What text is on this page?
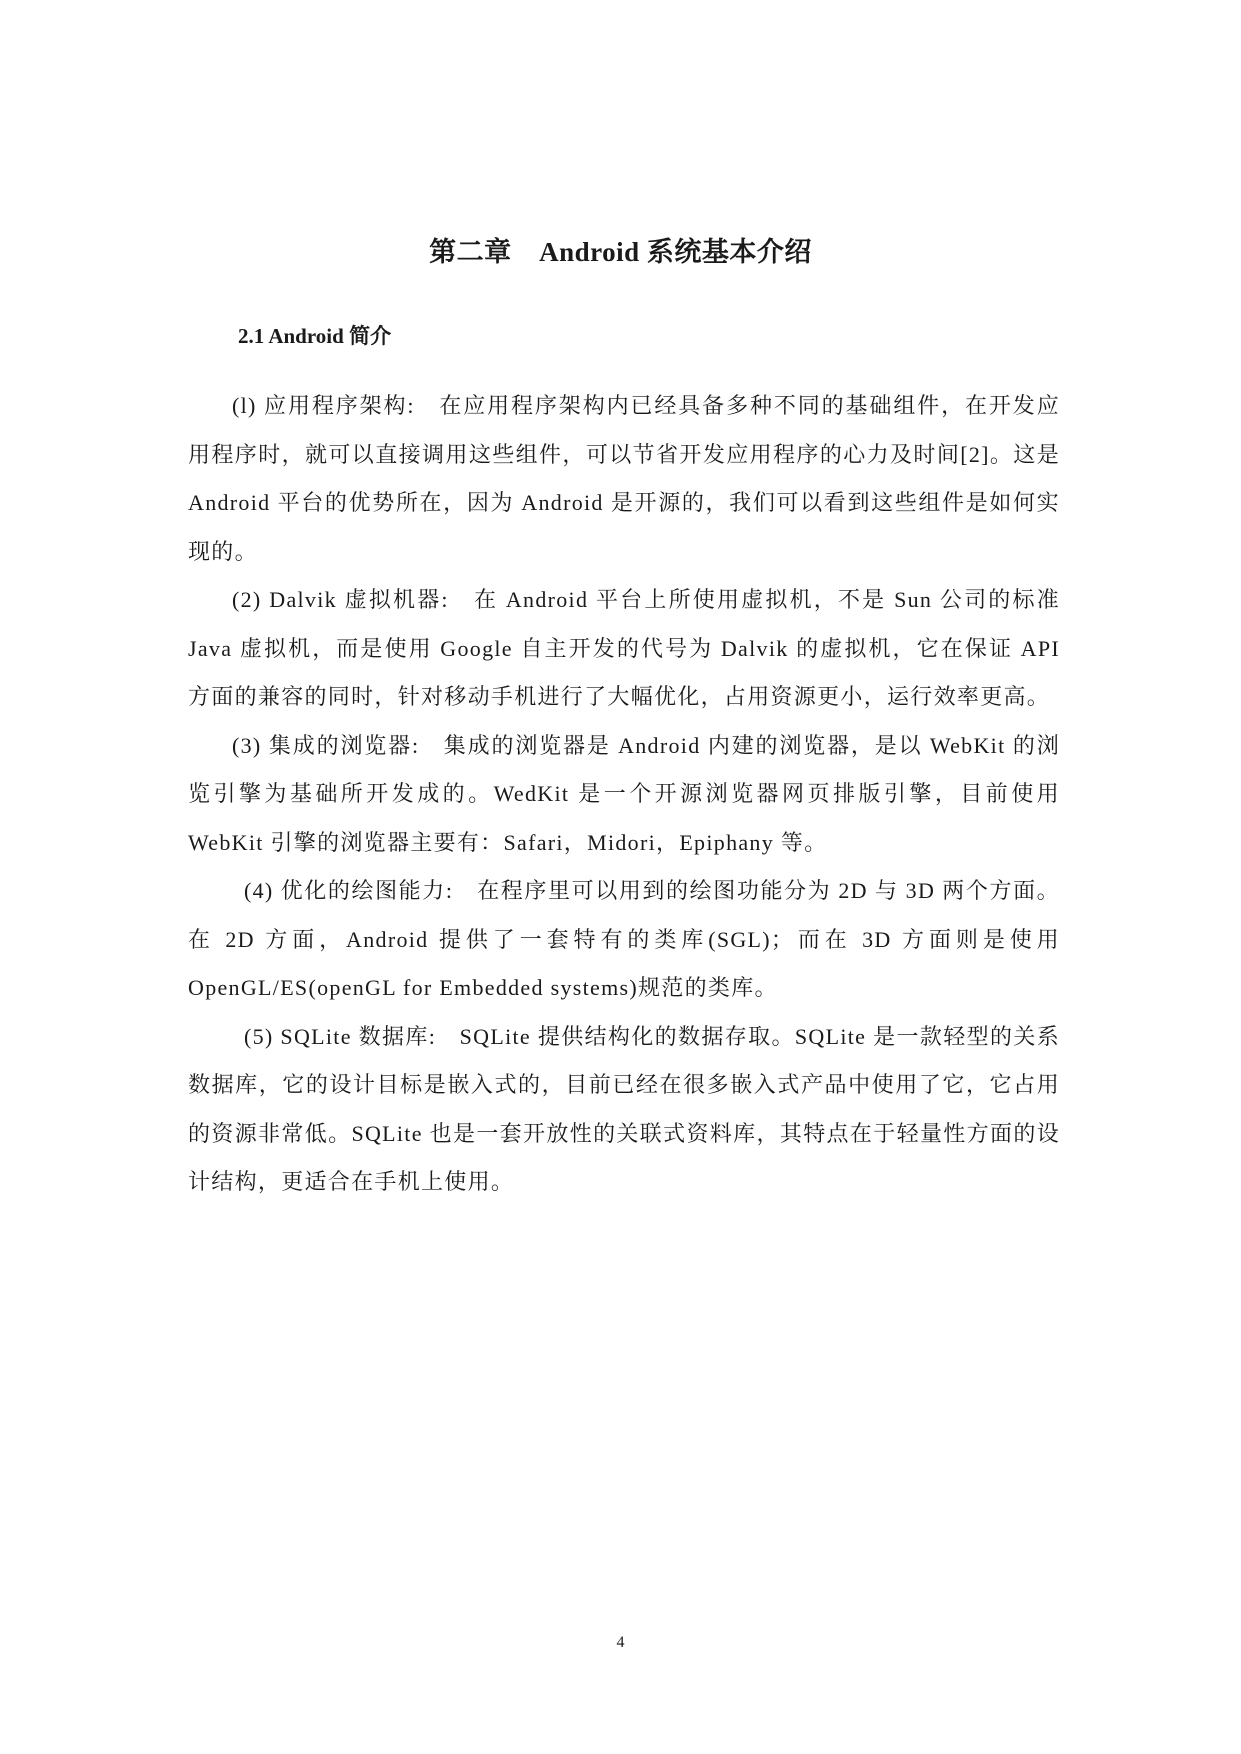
第二章　Android 系统基本介绍
2.1 Android 简介

(l) 应用程序架构:　在应用程序架构内已经具备多种不同的基础组件，在开发应用程序时，就可以直接调用这些组件，可以节省开发应用程序的心力及时间[2]。这是 Android 平台的优势所在，因为 Android 是开源的，我们可以看到这些组件是如何实现的。

(2) Dalvik 虚拟机器:　在 Android 平台上所使用虚拟机，不是 Sun 公司的标准 Java 虚拟机，而是使用 Google 自主开发的代号为 Dalvik 的虚拟机，它在保证 API 方面的兼容的同时，针对移动手机进行了大幅优化，占用资源更小，运行效率更高。

(3) 集成的浏览器:　集成的浏览器是 Android 内建的浏览器，是以 WebKit 的浏览引擎为基础所开发成的。WedKit 是一个开源浏览器网页排版引擎，目前使用 WebKit 引擎的浏览器主要有：Safari，Midori，Epiphany 等。

(4) 优化的绘图能力:　在程序里可以用到的绘图功能分为 2D 与 3D 两个方面。在 2D 方面，Android 提供了一套特有的类库(SGL)；而在 3D 方面则是使用 OpenGL/ES(openGL for Embedded systems)规范的类库。

(5) SQLite 数据库:　SQLite 提供结构化的数据存取。SQLite 是一款轻型的关系数据库，它的设计目标是嵌入式的，目前已经在很多嵌入式产品中使用了它，它占用的资源非常低。SQLite 也是一套开放性的关联式资料库，其特点在于轻量性方面的设计结构，更适合在手机上使用。

4
